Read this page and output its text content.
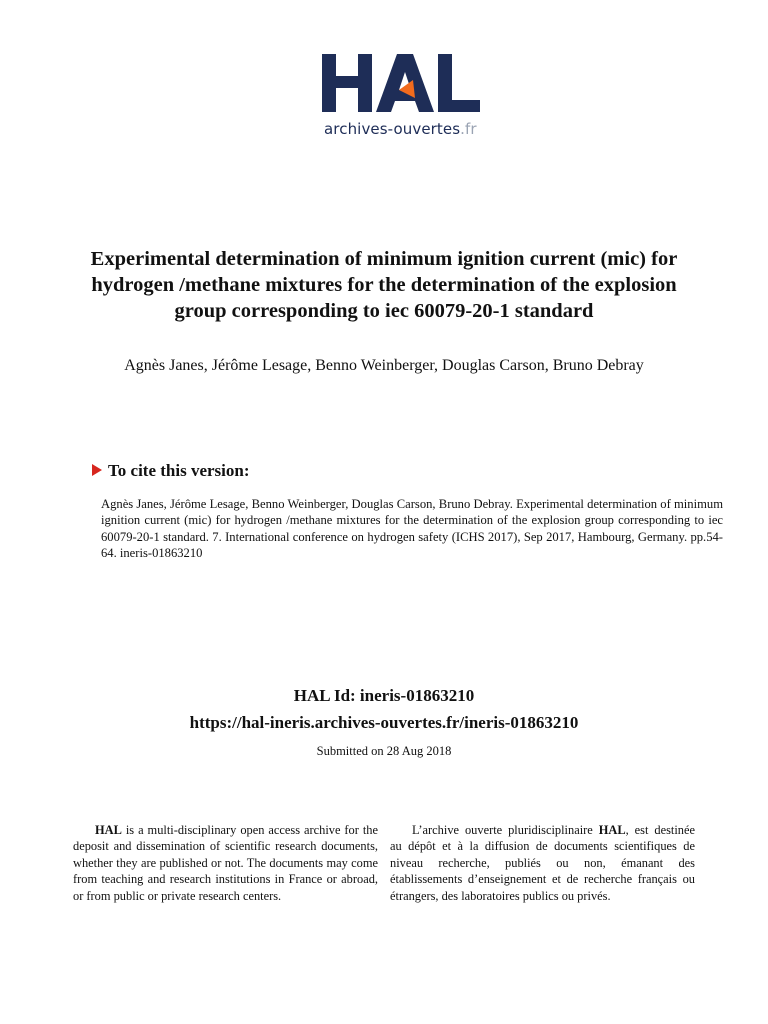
archives-ouvertes.fr
Experimental determination of minimum ignition current (mic) for hydrogen /methane mixtures for the determination of the explosion group corresponding to iec 60079-20-1 standard
Agnès Janes, Jérôme Lesage, Benno Weinberger, Douglas Carson, Bruno Debray
To cite this version:
Agnès Janes, Jérôme Lesage, Benno Weinberger, Douglas Carson, Bruno Debray. Experimental determination of minimum ignition current (mic) for hydrogen /methane mixtures for the determination of the explosion group corresponding to iec 60079-20-1 standard. 7. International conference on hydrogen safety (ICHS 2017), Sep 2017, Hambourg, Germany. pp.54-64. ineris-01863210
HAL Id: ineris-01863210
https://hal-ineris.archives-ouvertes.fr/ineris-01863210
Submitted on 28 Aug 2018
HAL is a multi-disciplinary open access archive for the deposit and dissemination of scientific research documents, whether they are published or not. The documents may come from teaching and research institutions in France or abroad, or from public or private research centers.
L’archive ouverte pluridisciplinaire HAL, est destinée au dépôt et à la diffusion de documents scientifiques de niveau recherche, publiés ou non, émanant des établissements d’enseignement et de recherche français ou étrangers, des laboratoires publics ou privés.
